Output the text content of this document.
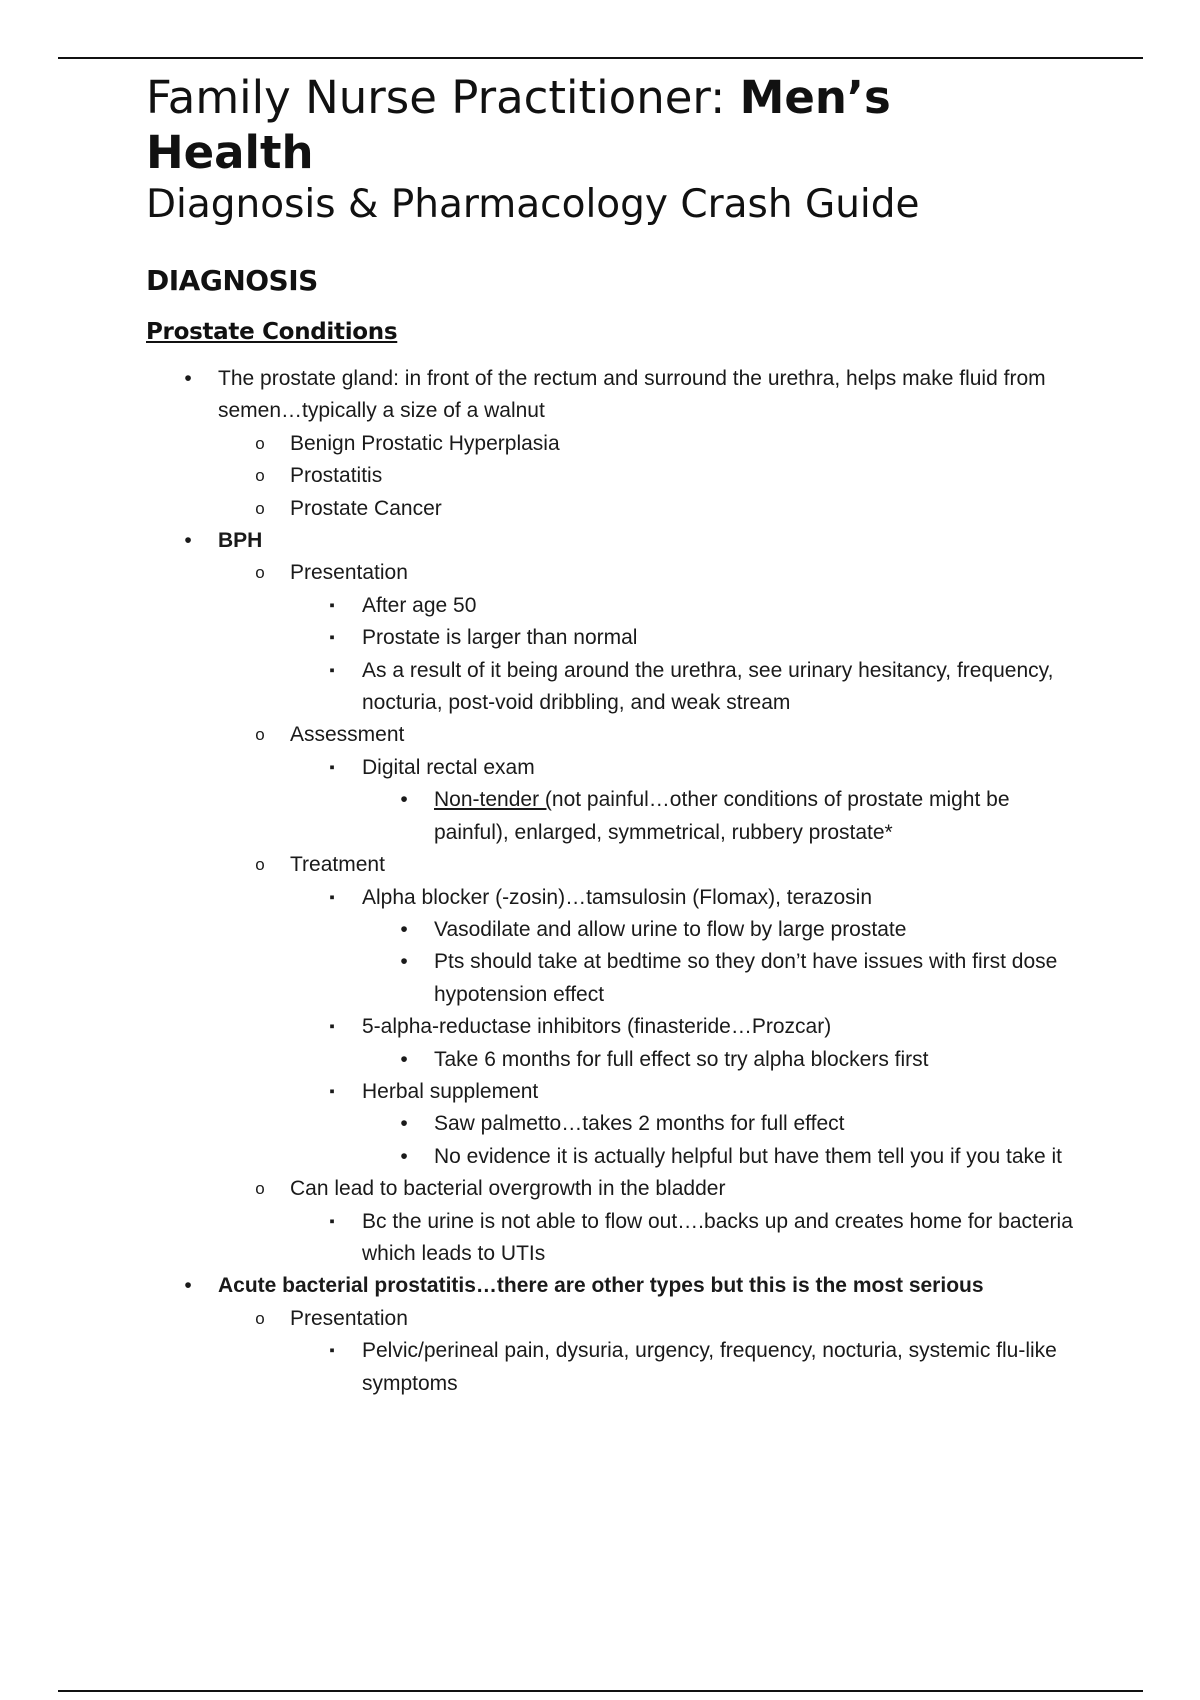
Family Nurse Practitioner: Men’s

Health

Diagnosis & Pharmacology Crash Guide

DIAGNOSIS
Prostate Conditions
•	The prostate gland: in front of the rectum and surround the urethra, helps make fluid from semen…typically a size of a walnut
o Benign Prostatic Hyperplasia
o Prostatitis
o Prostate Cancer
•	BPH
o Presentation
▪	After age 50
▪	Prostate is larger than normal
▪	As a result of it being around the urethra, see urinary hesitancy, frequency, nocturia, post-void dribbling, and weak stream
o Assessment
▪	Digital rectal exam
•	Non-tender (not painful…other conditions of prostate might be painful), enlarged, symmetrical, rubbery prostate*
o Treatment
▪	Alpha blocker (-zosin)…tamsulosin (Flomax), terazosin
•	Vasodilate and allow urine to flow by large prostate
•	Pts should take at bedtime so they don’t have issues with first dose hypotension effect
▪	5-alpha-reductase inhibitors (finasteride…Prozcar)
•	Take 6 months for full effect so try alpha blockers first
▪	Herbal supplement
•	Saw palmetto…takes 2 months for full effect
•	No evidence it is actually helpful but have them tell you if you take it
o Can lead to bacterial overgrowth in the bladder
▪	Bc the urine is not able to flow out….backs up and creates home for bacteria which leads to UTIs
•	Acute bacterial prostatitis…there are other types but this is the most serious
o Presentation
▪	Pelvic/perineal pain, dysuria, urgency, frequency, nocturia, systemic flu-like symptoms
